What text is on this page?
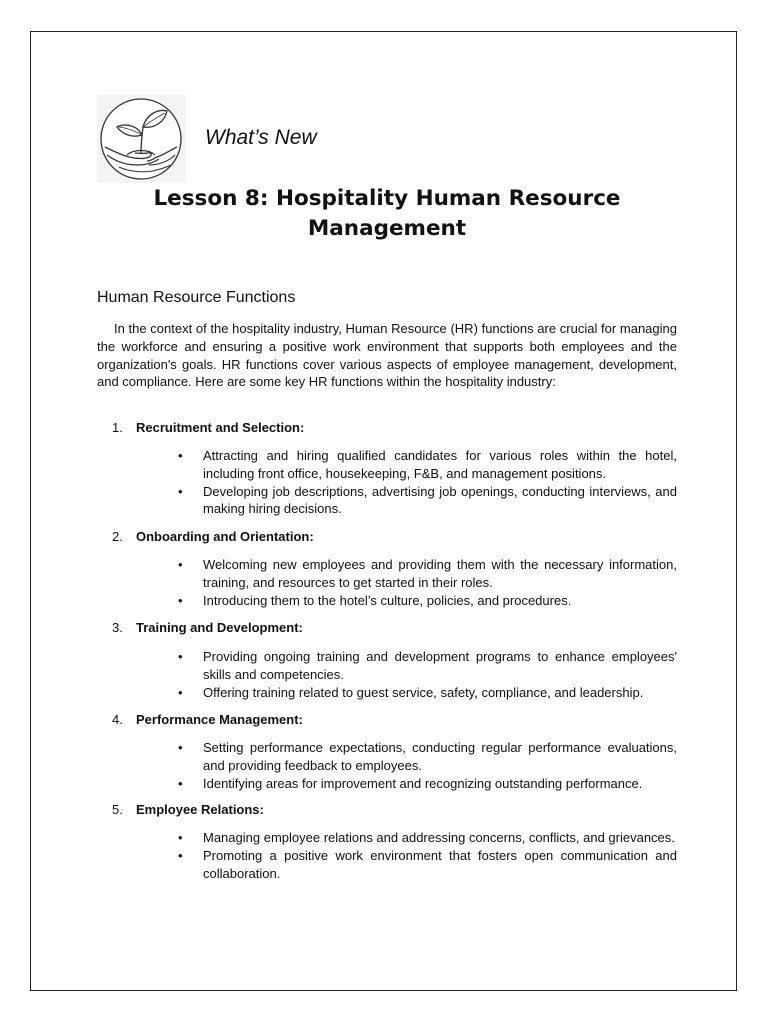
What’s New
Lesson 8: Hospitality Human Resource Management
Human Resource Functions

In the context of the hospitality industry, Human Resource (HR) functions are crucial for managing the workforce and ensuring a positive work environment that supports both employees and the organization's goals. HR functions cover various aspects of employee management, development, and compliance. Here are some key HR functions within the hospitality industry:

1. Recruitment and Selection:
• Attracting and hiring qualified candidates for various roles within the hotel, including front office, housekeeping, F&B, and management positions.
• Developing job descriptions, advertising job openings, conducting interviews, and making hiring decisions.
2. Onboarding and Orientation:
• Welcoming new employees and providing them with the necessary information, training, and resources to get started in their roles.
• Introducing them to the hotel’s culture, policies, and procedures.
3. Training and Development:
• Providing ongoing training and development programs to enhance employees' skills and competencies.
• Offering training related to guest service, safety, compliance, and leadership.
4. Performance Management:
• Setting performance expectations, conducting regular performance evaluations, and providing feedback to employees.
• Identifying areas for improvement and recognizing outstanding performance.
5. Employee Relations:
• Managing employee relations and addressing concerns, conflicts, and grievances.
• Promoting a positive work environment that fosters open communication and collaboration.
